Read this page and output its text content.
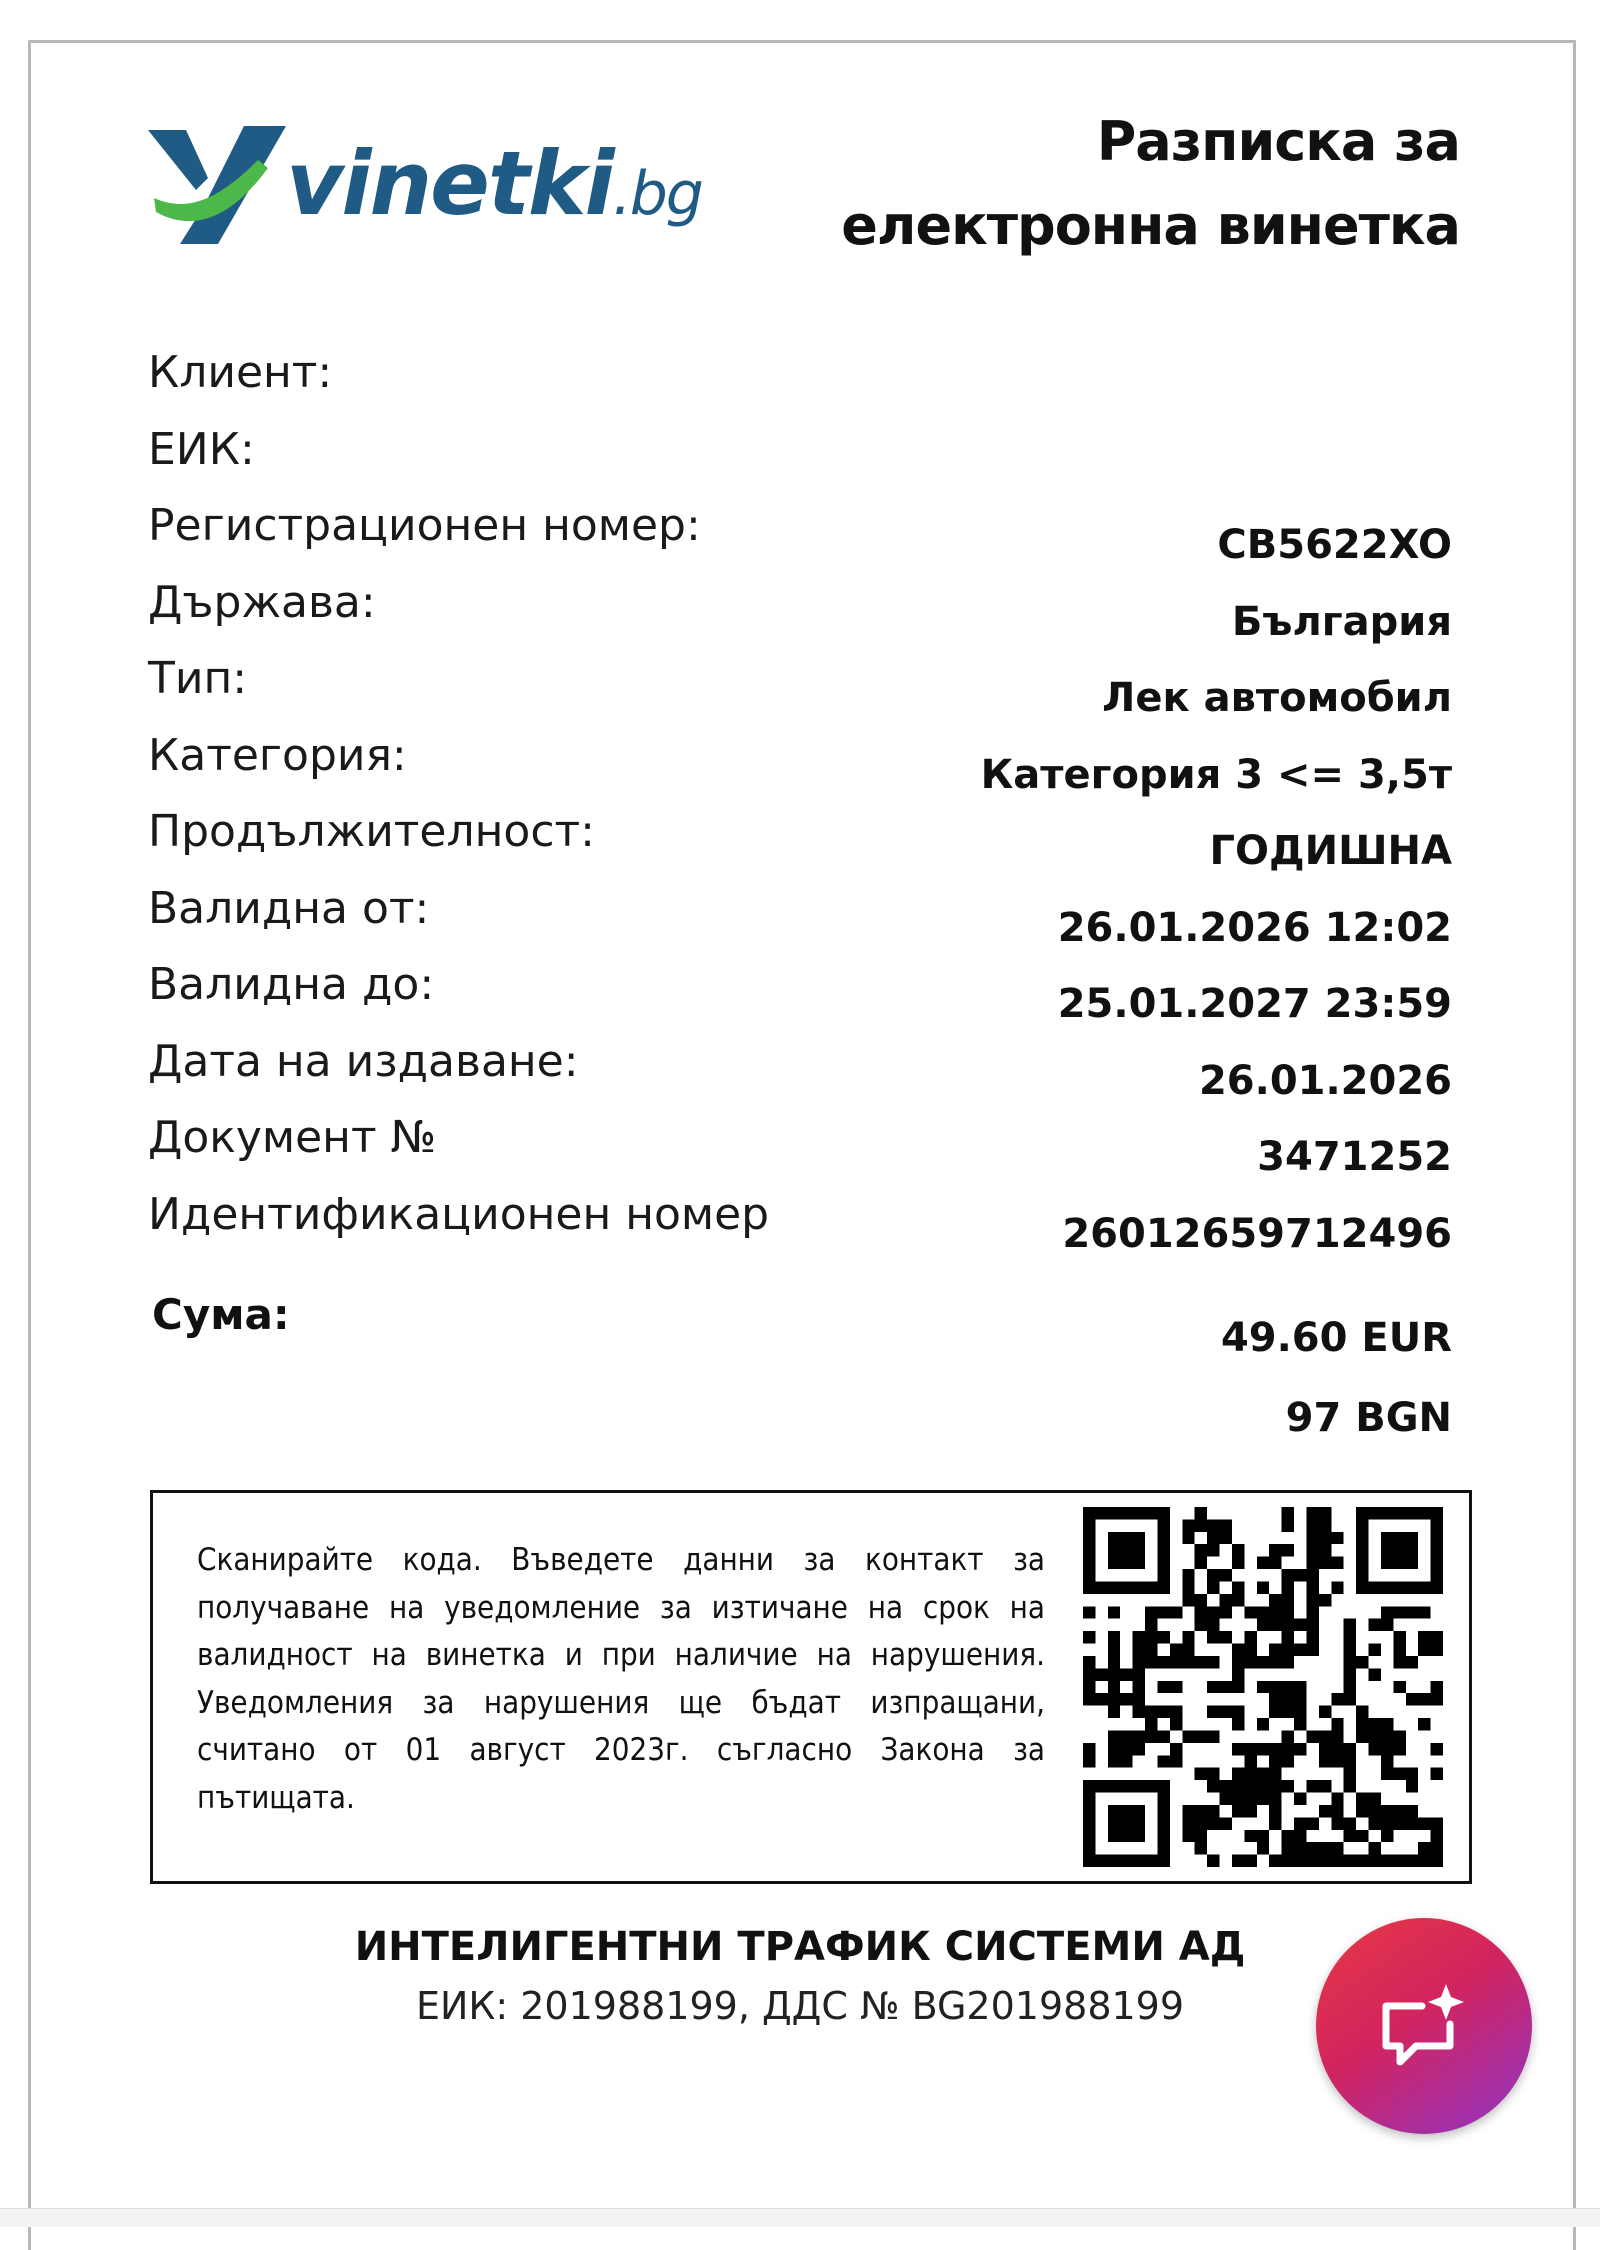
vinetki.bg
Разписка за
електронна винетка
Клиент:
ЕИК:
Регистрационен номер:
Държава:
Тип:
Категория:
Продължителност:
Валидна от:
Валидна до:
Дата на издаване:
Документ №
Идентификационен номер
CB5622XO
България
Лек автомобил
Категория 3 <= 3,5т
ГОДИШНА
26.01.2026 12:02
25.01.2027 23:59
26.01.2026
3471252
26012659712496
Сума:	49.60 EUR
97 BGN
Сканирайте кода. Въведете данни за контакт за получаване на уведомление за изтичане на срок на валидност на винетка и при наличие на нарушения. Уведомления за нарушения ще бъдат изпращани, считано от 01 август 2023г. съгласно Закона за пътищата.
ИНТЕЛИГЕНТНИ ТРАФИК СИСТЕМИ АД
ЕИК: 201988199, ДДС № BG201988199
